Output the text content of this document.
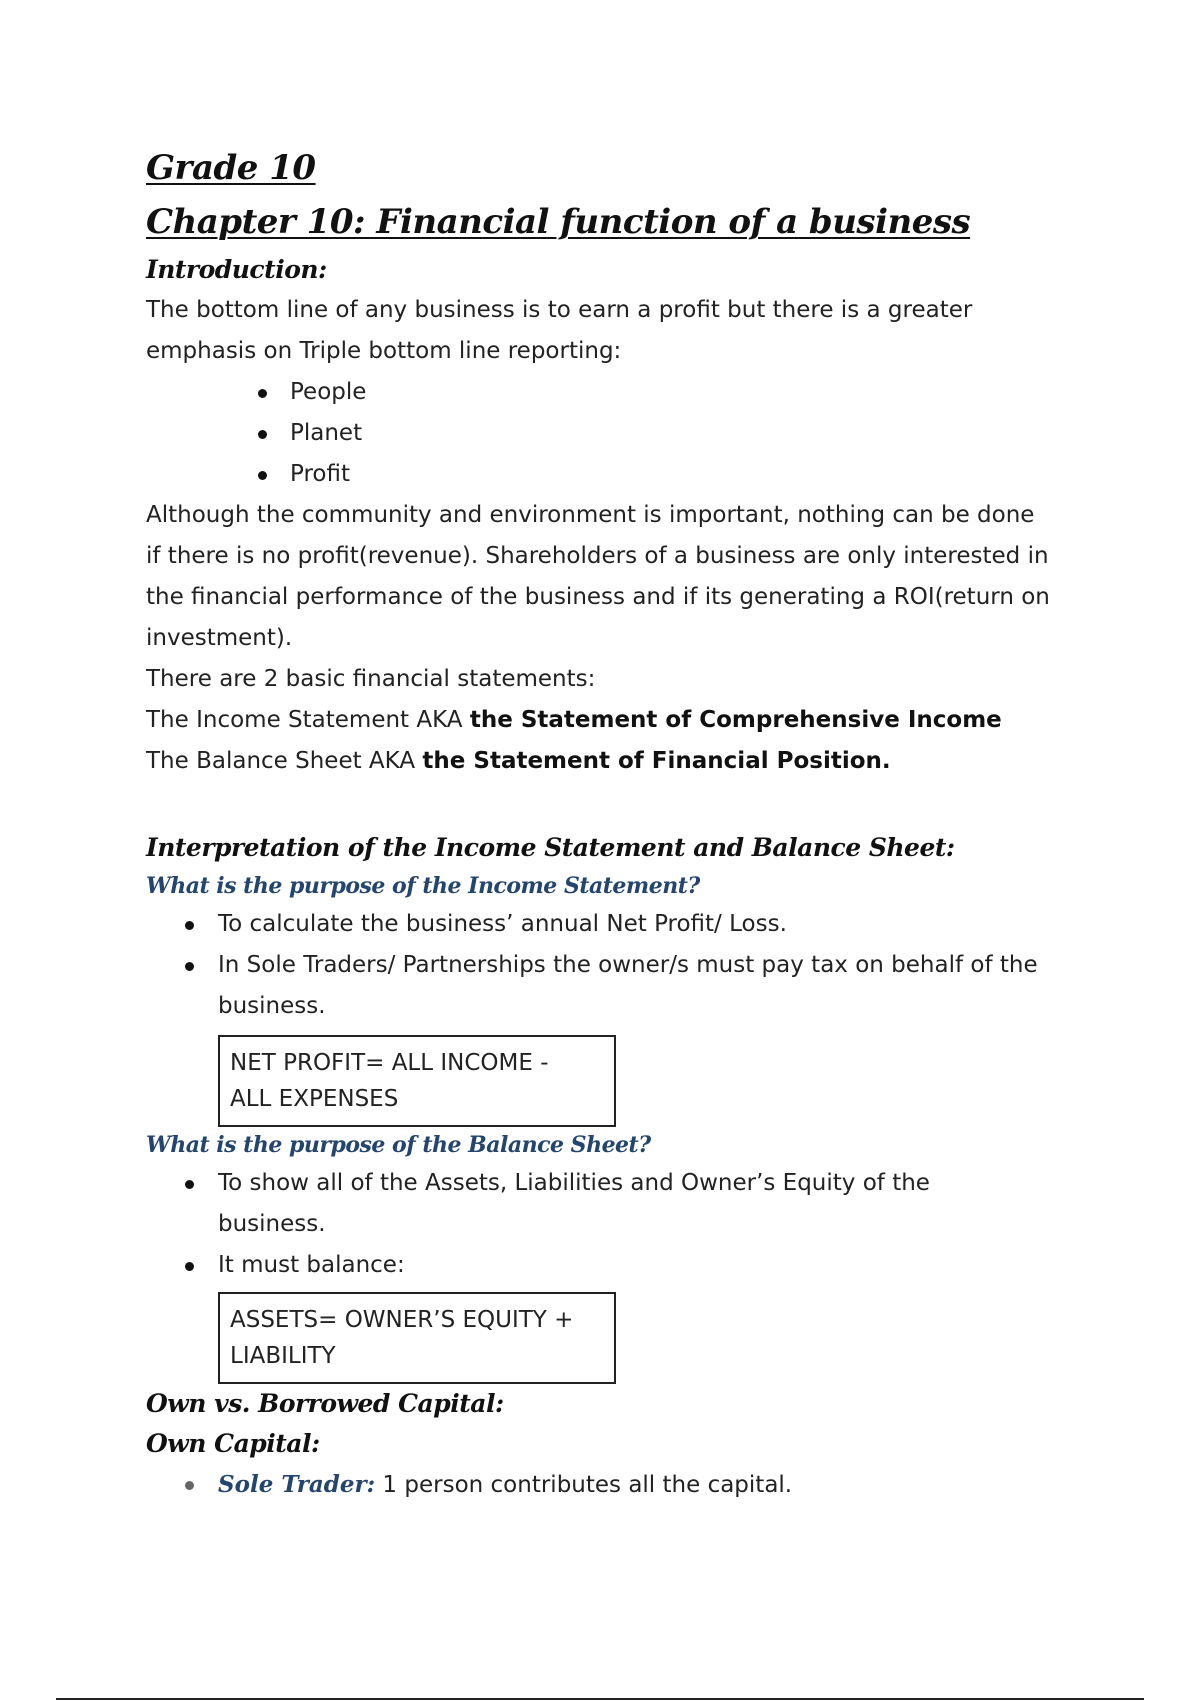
Grade 10
Chapter 10: Financial function of a business
Introduction:

The bottom line of any business is to earn a profit but there is a greater emphasis on Triple bottom line reporting:

People
Planet
Profit

Although the community and environment is important, nothing can be done if there is no profit(revenue). Shareholders of a business are only interested in the financial performance of the business and if its generating a ROI(return on investment).

There are 2 basic financial statements:

The Income Statement AKA the Statement of Comprehensive Income

The Balance Sheet AKA the Statement of Financial Position.

Interpretation of the Income Statement and Balance Sheet:
What is the purpose of the Income Statement?
To calculate the business’ annual Net Profit/ Loss.
In Sole Traders/ Partnerships the owner/s must pay tax on behalf of the business.
NET PROFIT= ALL INCOME -
ALL EXPENSES
What is the purpose of the Balance Sheet?
To show all of the Assets, Liabilities and Owner’s Equity of the business.
It must balance:
ASSETS= OWNER’S EQUITY +
LIABILITY
Own vs. Borrowed Capital:
Own Capital:
Sole Trader: 1 person contributes all the capital.
